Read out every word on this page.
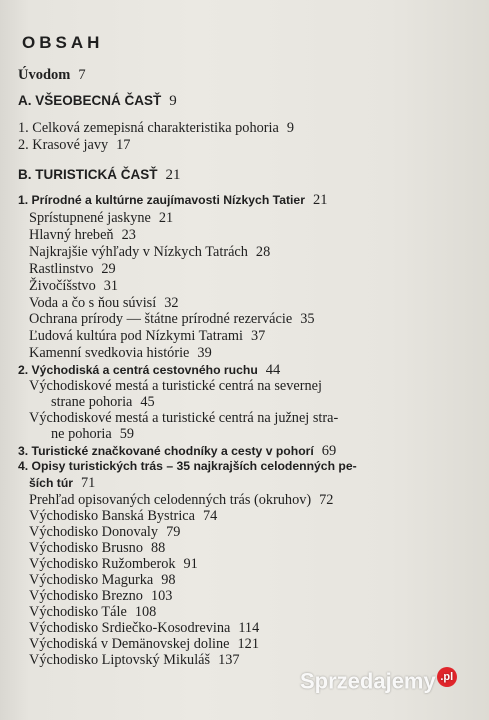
OBSAH
Úvodom 7
A. VŠEOBECNÁ ČASŤ 9
1. Celková zemepisná charakteristika pohoria 9
2. Krasové javy 17
B. TURISTICKÁ ČASŤ 21
1. Prírodné a kultúrne zaujímavosti Nízkych Tatier 21
Sprístupnené jaskyne 21
Hlavný hrebeň 23
Najkrajšie výhľady v Nízkych Tatrách 28
Rastlinstvo 29
Živočíšstvo 31
Voda a čo s ňou súvisí 32
Ochrana prírody — štátne prírodné rezervácie 35
Ľudová kultúra pod Nízkymi Tatrami 37
Kamenní svedkovia histórie 39
2. Východiská a centrá cestovného ruchu 44
Východiskové mestá a turistické centrá na severnej
strane pohoria 45
Východiskové mestá a turistické centrá na južnej stra-
ne pohoria 59
3. Turistické značkované chodníky a cesty v pohorí 69
4. Opisy turistických trás – 35 najkrajších celodenných pe-
ších túr 71
Prehľad opisovaných celodenných trás (okruhov) 72
Východisko Banská Bystrica 74
Východisko Donovaly 79
Východisko Brusno 88
Východisko Ružomberok 91
Východisko Magurka 98
Východisko Brezno 103
Východisko Tále 108
Východisko Srdiečko-Kosodrevina 114
Východiská v Demänovskej doline 121
Východisko Liptovský Mikuláš 137
Sprzedajemy .pl
